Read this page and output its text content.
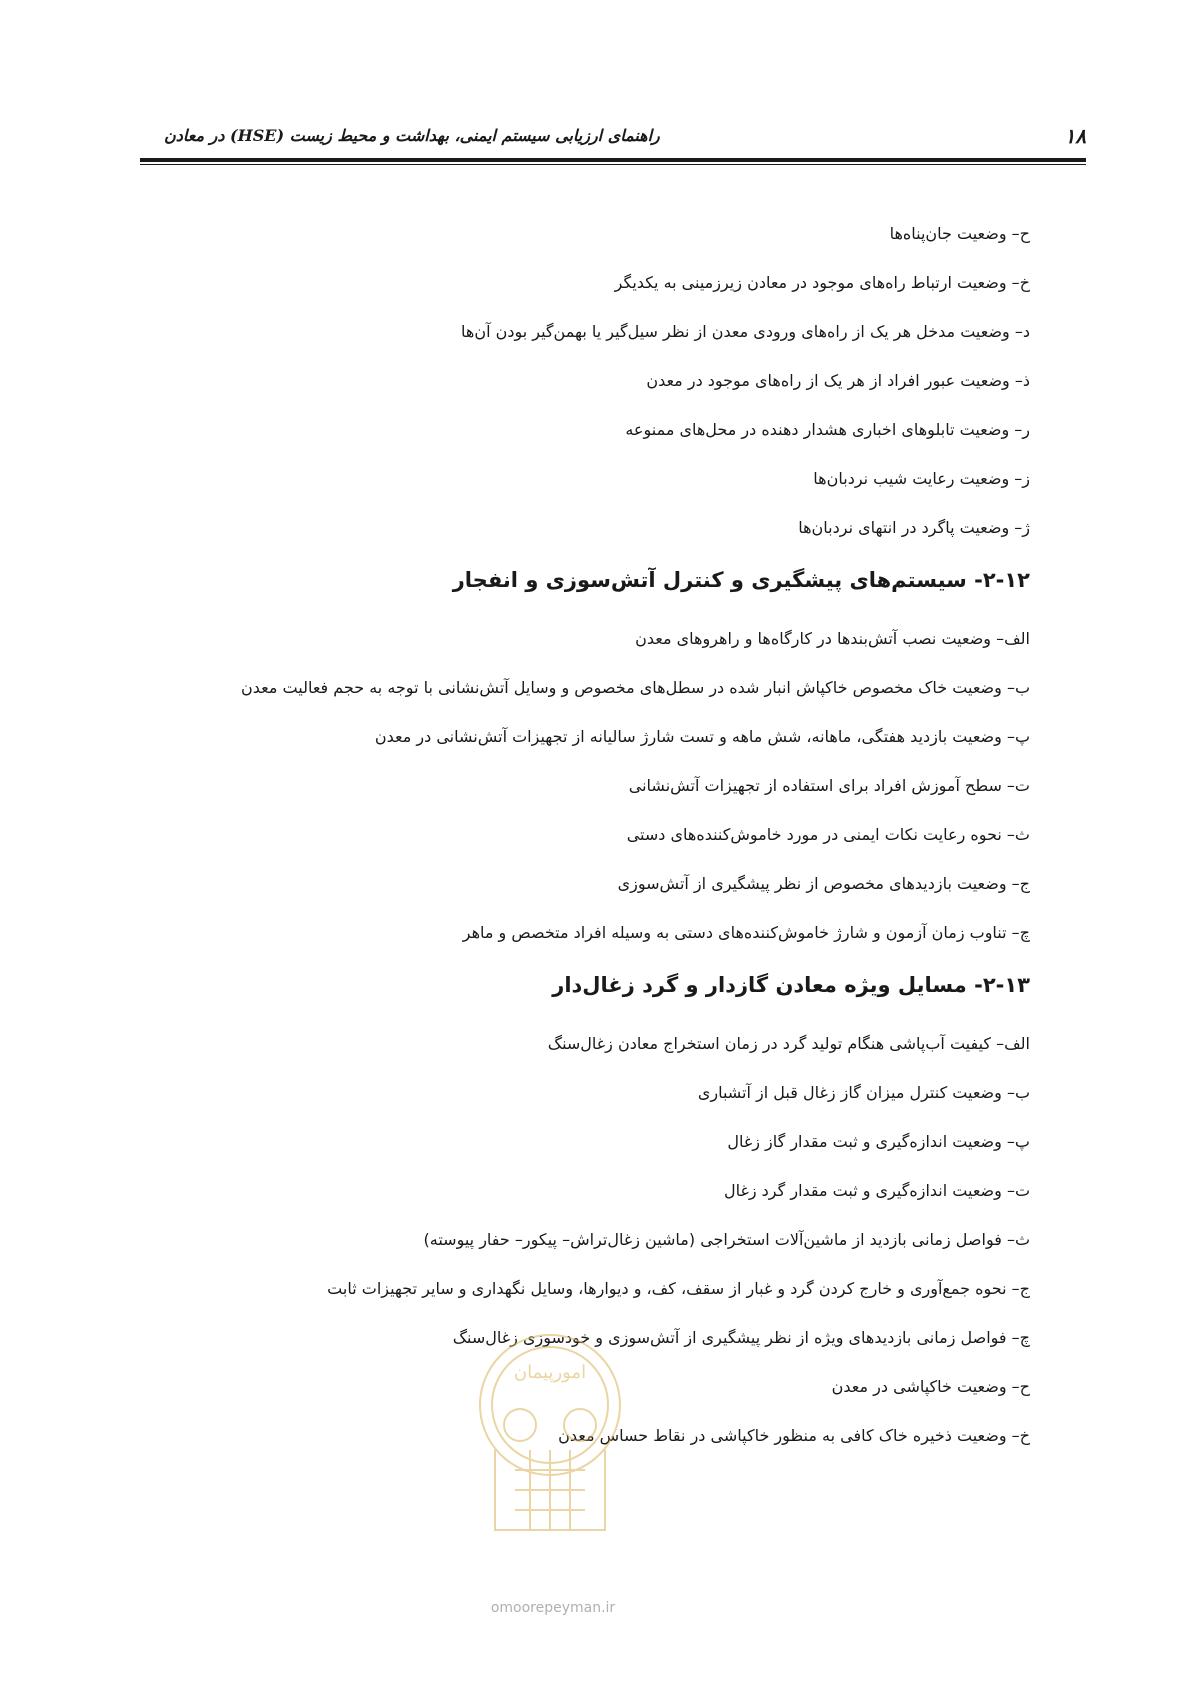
۱۸
راهنمای ارزیابی سیستم ایمنی، بهداشت و محیط زیست (HSE) در معادن
ح– وضعیت جان‌پناه‌ها
خ– وضعیت ارتباط راه‌های موجود در معادن زیرزمینی به یکدیگر
د– وضعیت مدخل هر یک از راه‌های ورودی معدن از نظر سیل‌گیر یا بهمن‌گیر بودن آن‌ها
ذ– وضعیت عبور افراد از هر یک از راه‌های موجود در معدن
ر– وضعیت تابلوهای اخباری هشدار دهنده در محل‌های ممنوعه
ز– وضعیت رعایت شیب نردبان‌ها
ژ– وضعیت پاگرد در انتهای نردبان‌ها
۲-۱۲- سیستم‌های پیشگیری و کنترل آتش‌سوزی و انفجار
الف– وضعیت نصب آتش‌بندها در کارگاه‌ها و راهروهای معدن
ب– وضعیت خاک مخصوص خاکپاش انبار شده در سطل‌های مخصوص و وسایل آتش‌نشانی با توجه به حجم فعالیت معدن
پ– وضعیت بازدید هفتگی، ماهانه، شش ماهه و تست شارژ سالیانه از تجهیزات آتش‌نشانی در معدن
ت– سطح آموزش افراد برای استفاده از تجهیزات آتش‌نشانی
ث– نحوه رعایت نکات ایمنی در مورد خاموش‌کننده‌های دستی
ج– وضعیت بازدیدهای مخصوص از نظر پیشگیری از آتش‌سوزی
چ– تناوب زمان آزمون و شارژ خاموش‌کننده‌های دستی به وسیله افراد متخصص و ماهر
۲-۱۳- مسایل ویژه معادن گازدار و گرد زغال‌دار
الف– کیفیت آب‌پاشی هنگام تولید گرد در زمان استخراج معادن زغال‌سنگ
ب– وضعیت کنترل میزان گاز زغال قبل از آتشباری
پ– وضعیت اندازه‌گیری و ثبت مقدار گاز زغال
ت– وضعیت اندازه‌گیری و ثبت مقدار گرد زغال
ث– فواصل زمانی بازدید از ماشین‌آلات استخراجی (ماشین زغال‌تراش– پیکور– حفار پیوسته)
ج– نحوه جمع‌آوری و خارج کردن گرد و غبار از سقف، کف، و دیوارها، وسایل نگهداری و سایر تجهیزات ثابت
چ– فواصل زمانی بازدیدهای ویژه از نظر پیشگیری از آتش‌سوزی و خودسوزی زغال‌سنگ
ح– وضعیت خاکپاشی در معدن
خ– وضعیت ذخیره خاک کافی به منظور خاکپاشی در نقاط حساس معدن
امورپیمان
omoorepeyman.ir
